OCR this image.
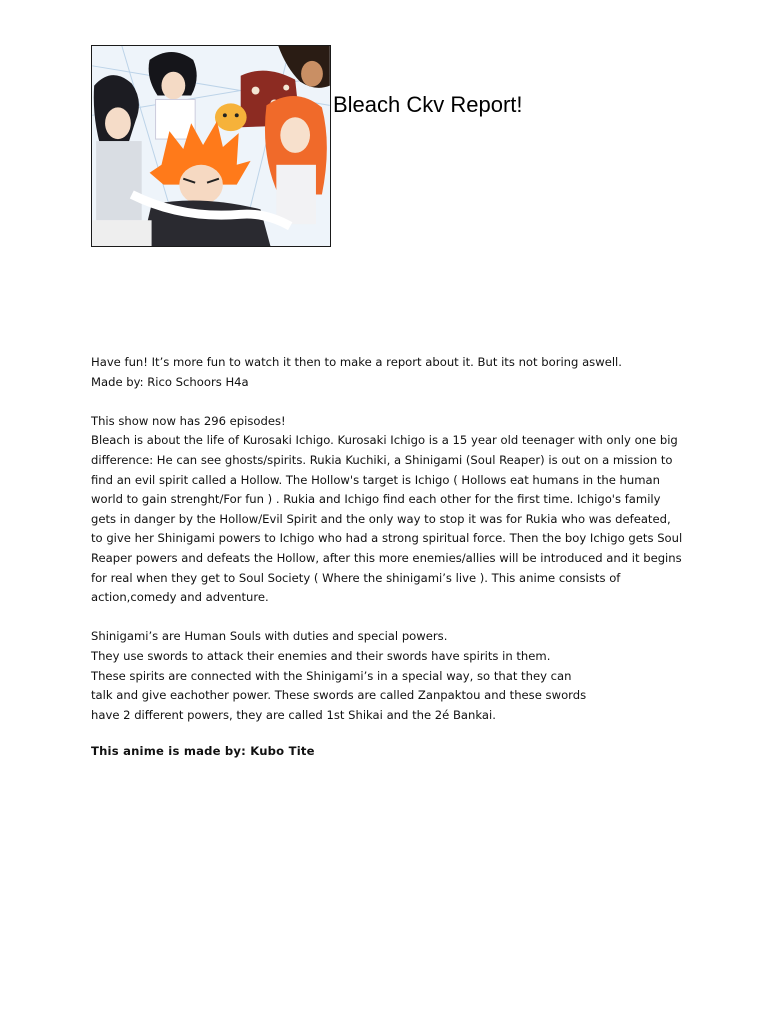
Bleach Ckv Report!

Have fun! It’s more fun to watch it then to make a report about it. But its not boring aswell.

Made by: Rico Schoors H4a

This show now has 296 episodes!

Bleach is about the life of Kurosaki Ichigo. Kurosaki Ichigo is a 15 year old teenager with only one big

difference: He can see ghosts/spirits. Rukia Kuchiki, a Shinigami (Soul Reaper) is out on a mission to

find an evil spirit called a Hollow. The Hollow's target is Ichigo ( Hollows eat humans in the human

world to gain strenght/For fun ) . Rukia and Ichigo find each other for the first time. Ichigo's family

gets in danger by the Hollow/Evil Spirit and the only way to stop it was for Rukia who was defeated,

to give her Shinigami powers to Ichigo who had a strong spiritual force. Then the boy Ichigo gets Soul

Reaper powers and defeats the Hollow, after this more enemies/allies will be introduced and it begins

for real when they get to Soul Society ( Where the shinigami’s live ). This anime consists of

action,comedy and adventure.

Shinigami’s are Human Souls with duties and special powers.

They use swords to attack their enemies and their swords have spirits in them.

These spirits are connected with the Shinigami’s in a special way, so that they can

talk and give eachother power. These swords are called Zanpaktou and these swords

have 2 different powers, they are called 1st Shikai and the 2é Bankai.

This anime is made by: Kubo Tite
